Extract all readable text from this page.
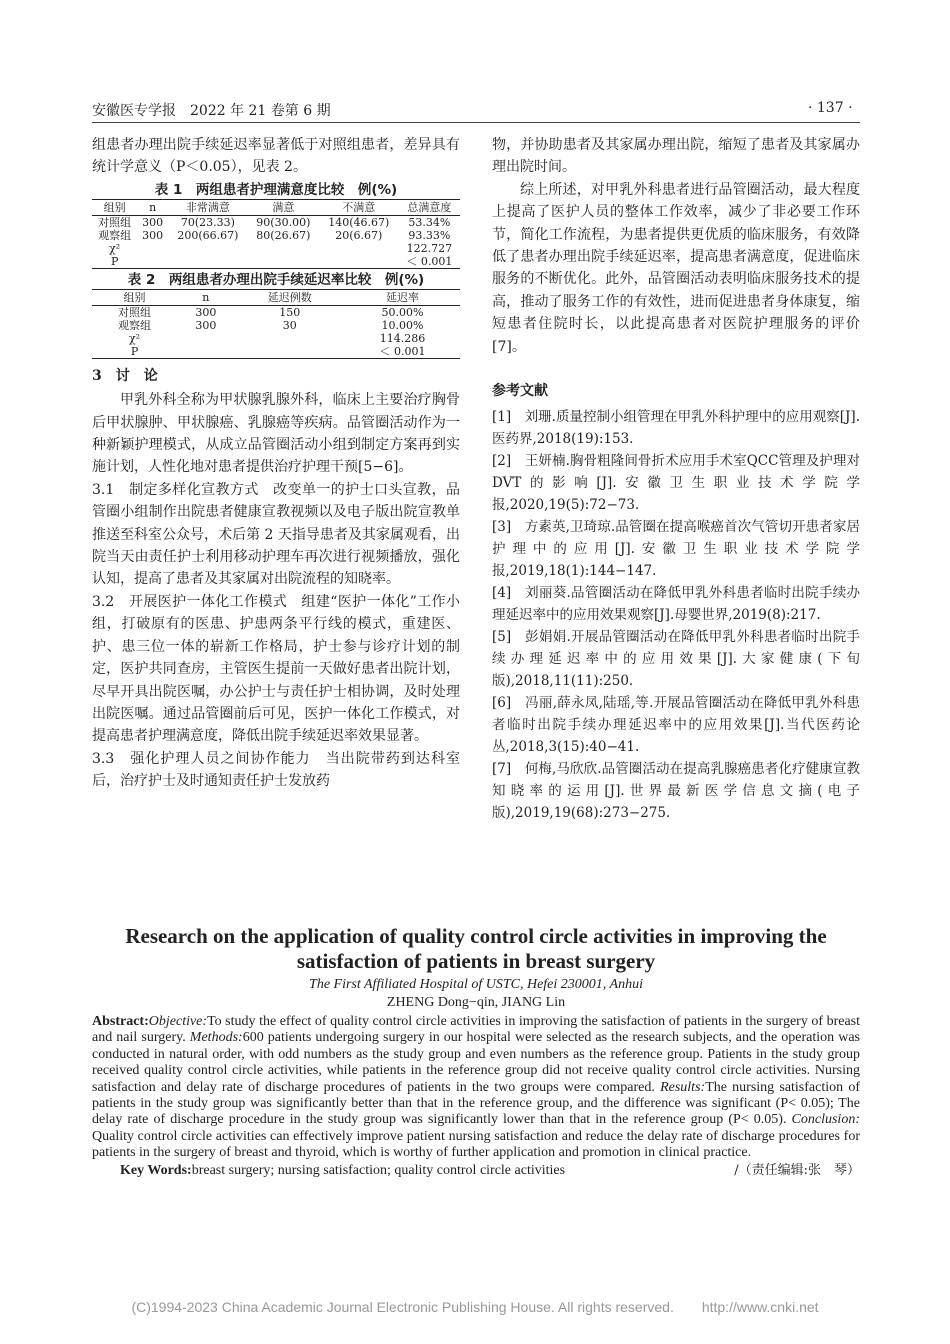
安徽医专学报　2022 年 21 卷第 6 期	· 137 ·

组患者办理出院手续延迟率显著低于对照组患者，差异具有统计学意义（P＜0.05），见表 2。

表 1　两组患者护理满意度比较　例(%)
组别	n	非常满意	满意	不满意	总满意度
对照组	300	70(23.33)	90(30.00)	140(46.67)	53.34%
观察组	300	200(66.67)	80(26.67)	20(6.67)	93.33%
χ²					122.727
P					＜ 0.001
表 2　两组患者办理出院手续延迟率比较　例(%)
组别	n	延迟例数	延迟率
对照组	300	150	50.00%
观察组	300	30	10.00%
χ²			114.286
P			＜ 0.001
3　讨　论

甲乳外科全称为甲状腺乳腺外科，临床上主要治疗胸骨后甲状腺肿、甲状腺癌、乳腺癌等疾病。品管圈活动作为一种新颖护理模式，从成立品管圈活动小组到制定方案再到实施计划，人性化地对患者提供治疗护理干预[5−6]。

3.1　制定多样化宣教方式　改变单一的护士口头宣教，品管圈小组制作出院患者健康宣教视频以及电子版出院宣教单推送至科室公众号，术后第 2 天指导患者及其家属观看，出院当天由责任护士利用移动护理车再次进行视频播放，强化认知，提高了患者及其家属对出院流程的知晓率。

3.2　开展医护一体化工作模式　组建“医护一体化”工作小组，打破原有的医患、护患两条平行线的模式，重建医、护、患三位一体的崭新工作格局，护士参与诊疗计划的制定，医护共同查房，主管医生提前一天做好患者出院计划，尽早开具出院医嘱，办公护士与责任护士相协调，及时处理出院医嘱。通过品管圈前后可见，医护一体化工作模式，对提高患者护理满意度，降低出院手续延迟率效果显著。

3.3　强化护理人员之间协作能力　当出院带药到达科室后，治疗护士及时通知责任护士发放药

物，并协助患者及其家属办理出院，缩短了患者及其家属办理出院时间。

综上所述，对甲乳外科患者进行品管圈活动，最大程度上提高了医护人员的整体工作效率，减少了非必要工作环节，简化工作流程，为患者提供更优质的临床服务，有效降低了患者办理出院手续延迟率，提高患者满意度，促进临床服务的不断优化。此外，品管圈活动表明临床服务技术的提高，推动了服务工作的有效性，进而促进患者身体康复，缩短患者住院时长，以此提高患者对医院护理服务的评价[7]。

参考文献
[1]　刘珊.质量控制小组管理在甲乳外科护理中的应用观察[J].医药界,2018(19):153.
[2]　王妍楠.胸骨粗隆间骨折术应用手术室QCC管理及护理对DVT的影响[J].安徽卫生职业技术学院学报,2020,19(5):72−73.
[3]　方素英,卫琦琼.品管圈在提高喉癌首次气管切开患者家居护理中的应用[J].安徽卫生职业技术学院学报,2019,18(1):144−147.
[4]　刘丽葵.品管圈活动在降低甲乳外科患者临时出院手续办理延迟率中的应用效果观察[J].母婴世界,2019(8):217.
[5]　彭娟娟.开展品管圈活动在降低甲乳外科患者临时出院手续办理延迟率中的应用效果[J].大家健康(下旬版),2018,11(11):250.
[6]　冯丽,薛永凤,陆瑶,等.开展品管圈活动在降低甲乳外科患者临时出院手续办理延迟率中的应用效果[J].当代医药论丛,2018,3(15):40−41.
[7]　何梅,马欣欣.品管圈活动在提高乳腺癌患者化疗健康宣教知晓率的运用[J].世界最新医学信息文摘(电子版),2019,19(68):273−275.
Research on the application of quality control circle activities in improving the satisfaction of patients in breast surgery
The First Affiliated Hospital of USTC, Hefei 230001, Anhui
ZHENG Dong−qin, JIANG Lin
Abstract:Objective:To study the effect of quality control circle activities in improving the satisfaction of patients in the surgery of breast and nail surgery. Methods:600 patients undergoing surgery in our hospital were selected as the research subjects, and the operation was conducted in natural order, with odd numbers as the study group and even numbers as the reference group. Patients in the study group received quality control circle activities, while patients in the reference group did not receive quality control circle activities. Nursing satisfaction and delay rate of discharge procedures of patients in the two groups were compared. Results:The nursing satisfaction of patients in the study group was significantly better than that in the reference group, and the difference was significant (P< 0.05); The delay rate of discharge procedure in the study group was significantly lower than that in the reference group (P< 0.05). Conclusion: Quality control circle activities can effectively improve patient nursing satisfaction and reduce the delay rate of discharge procedures for patients in the surgery of breast and thyroid, which is worthy of further application and promotion in clinical practice.
Key Words:breast surgery; nursing satisfaction; quality control circle activities	/（责任编辑:张　琴）
(C)1994-2023 China Academic Journal Electronic Publishing House. All rights reserved.　　http://www.cnki.net
